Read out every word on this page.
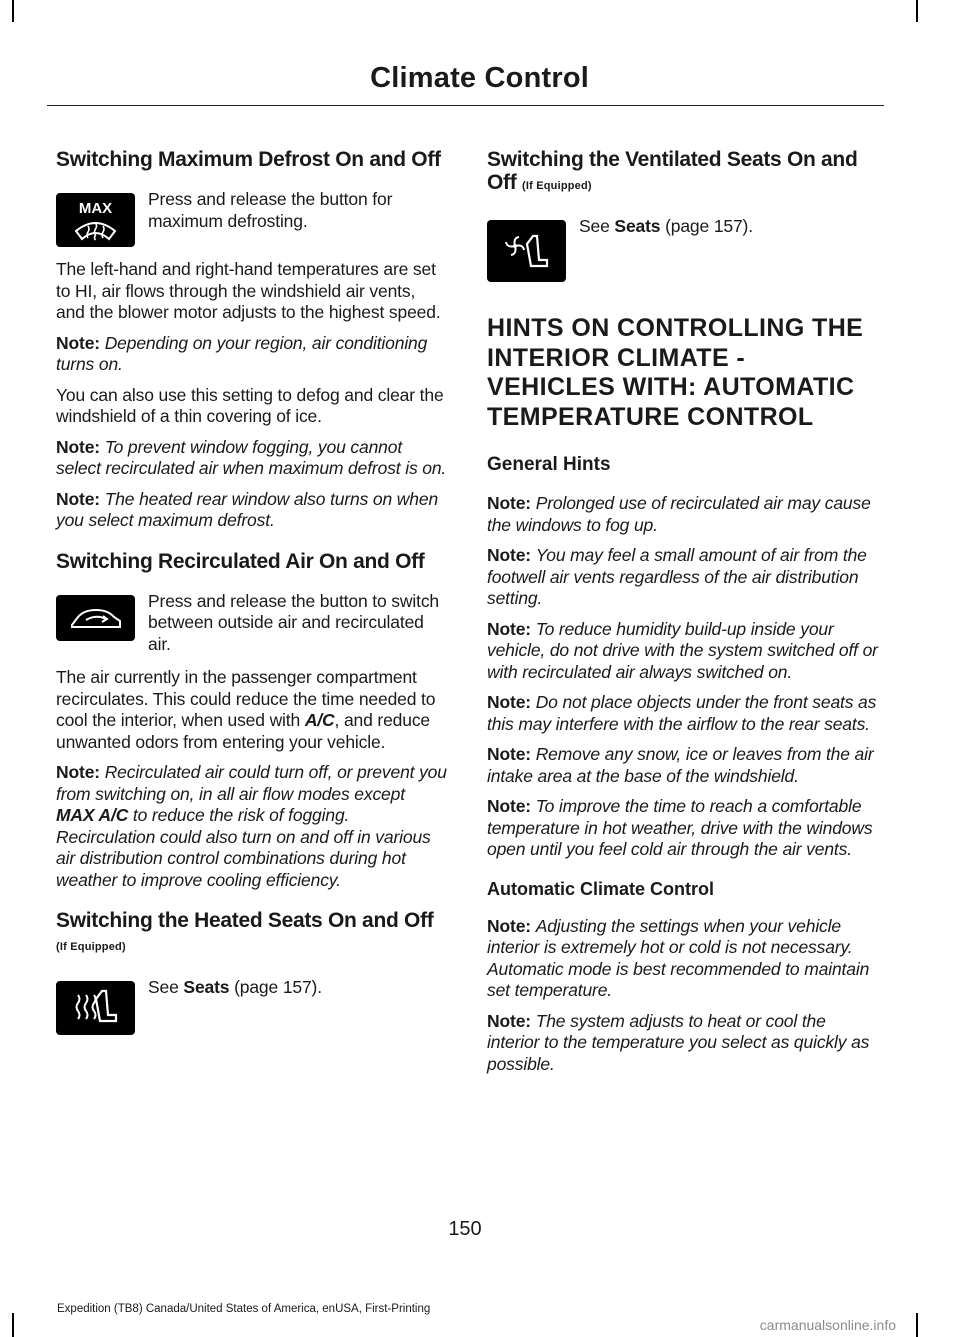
Climate Control
Switching Maximum Defrost On and Off
MAX Press and release the button for maximum defrosting.

The left-hand and right-hand temperatures are set to HI, air flows through the windshield air vents, and the blower motor adjusts to the highest speed.

Note: Depending on your region, air conditioning turns on.

You can also use this setting to defog and clear the windshield of a thin covering of ice.

Note: To prevent window fogging, you cannot select recirculated air when maximum defrost is on.

Note: The heated rear window also turns on when you select maximum defrost.

Switching Recirculated Air On and Off

Press and release the button to switch between outside air and recirculated air.

The air currently in the passenger compartment recirculates. This could reduce the time needed to cool the interior, when used with A/C, and reduce unwanted odors from entering your vehicle.

Note: Recirculated air could turn off, or prevent you from switching on, in all air flow modes except MAX A/C to reduce the risk of fogging. Recirculation could also turn on and off in various air distribution control combinations during hot weather to improve cooling efficiency.

Switching the Heated Seats On and Off (If Equipped)

See Seats (page 157).

Switching the Ventilated Seats On and Off (If Equipped)

See Seats (page 157).

HINTS ON CONTROLLING THE
INTERIOR CLIMATE -
VEHICLES WITH: AUTOMATIC
TEMPERATURE CONTROL
General Hints

Note: Prolonged use of recirculated air may cause the windows to fog up.

Note: You may feel a small amount of air from the footwell air vents regardless of the air distribution setting.

Note: To reduce humidity build-up inside your vehicle, do not drive with the system switched off or with recirculated air always switched on.

Note: Do not place objects under the front seats as this may interfere with the airflow to the rear seats.

Note: Remove any snow, ice or leaves from the air intake area at the base of the windshield.

Note: To improve the time to reach a comfortable temperature in hot weather, drive with the windows open until you feel cold air through the air vents.

Automatic Climate Control

Note: Adjusting the settings when your vehicle interior is extremely hot or cold is not necessary. Automatic mode is best recommended to maintain set temperature.

Note: The system adjusts to heat or cool the interior to the temperature you select as quickly as possible.

150
Expedition (TB8) Canada/United States of America, enUSA, First-Printing
carmanualsonline.info
